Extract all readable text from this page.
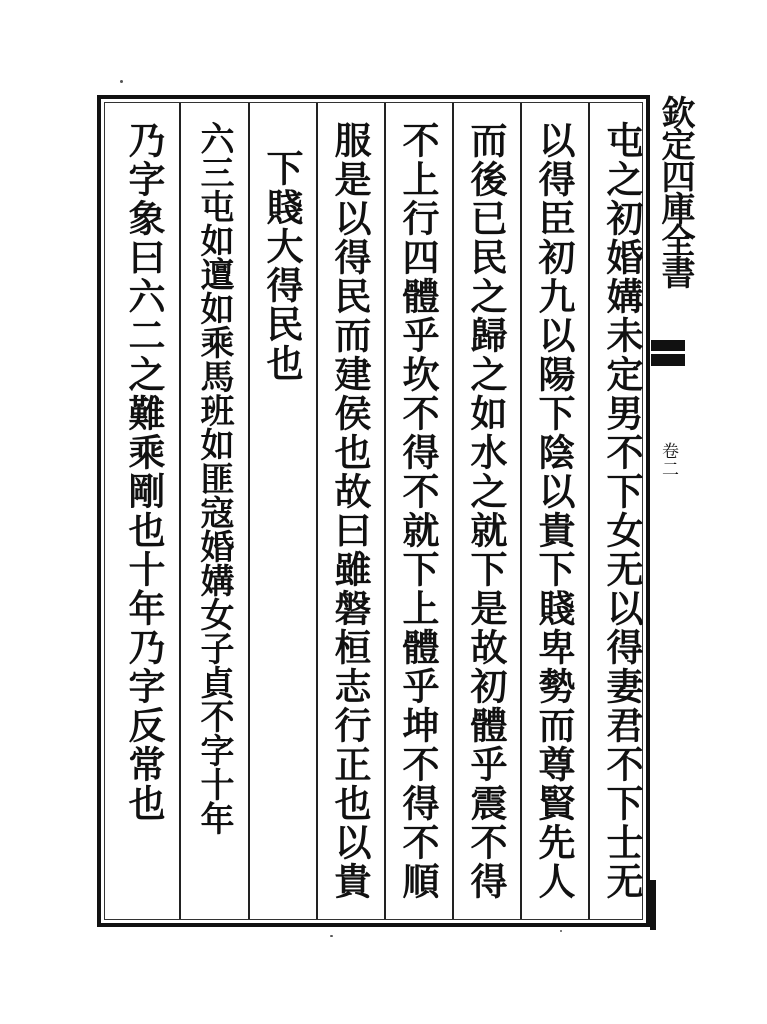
屯之初婚媾未定男不下女无以得妻君不下士无
以得臣初九以陽下陰以貴下賤卑勢而尊賢先人
而後已民之歸之如水之就下是故初體乎震不得
不上行四體乎坎不得不就下上體乎坤不得不順
服是以得民而建侯也故曰雖磐桓志行正也以貴
下賤大得民也
六三屯如邅如乘馬班如匪寇婚媾女子貞不字十年
乃字象曰六二之難乘剛也十年乃字反常也	欽定四庫全書
卷二
